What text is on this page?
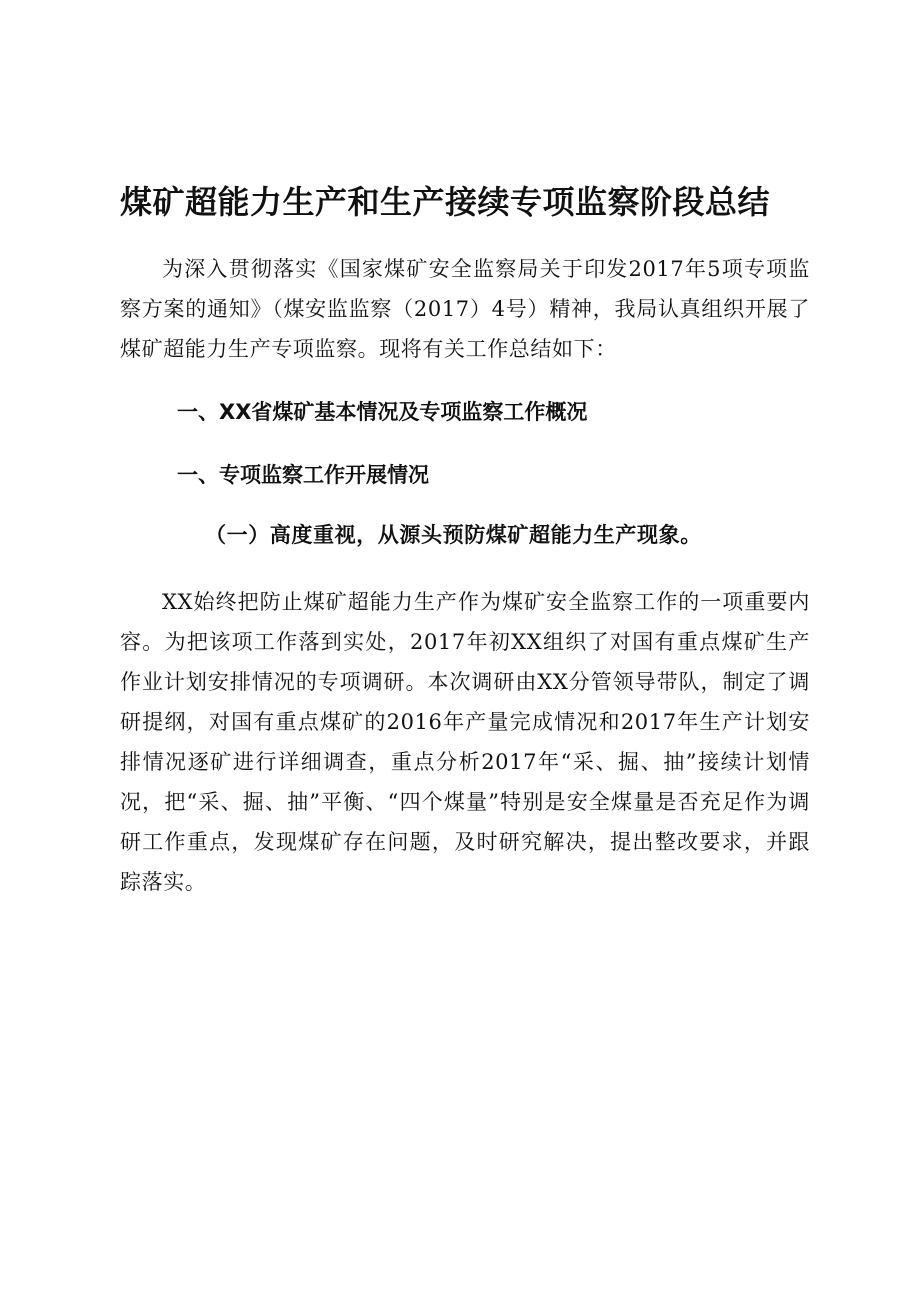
煤矿超能力生产和生产接续专项监察阶段总结

为深入贯彻落实《国家煤矿安全监察局关于印发2017年5项专项监察方案的通知》（煤安监监察（2017）4号）精神，我局认真组织开展了煤矿超能力生产专项监察。现将有关工作总结如下：

一、XX省煤矿基本情况及专项监察工作概况
一、专项监察工作开展情况
（一）高度重视，从源头预防煤矿超能力生产现象。

XX始终把防止煤矿超能力生产作为煤矿安全监察工作的一项重要内容。为把该项工作落到实处，2017年初XX组织了对国有重点煤矿生产作业计划安排情况的专项调研。本次调研由XX分管领导带队，制定了调研提纲，对国有重点煤矿的2016年产量完成情况和2017年生产计划安排情况逐矿进行详细调查，重点分析2017年“采、掘、抽”接续计划情况，把“采、掘、抽”平衡、“四个煤量”特别是安全煤量是否充足作为调研工作重点，发现煤矿存在问题，及时研究解决，提出整改要求，并跟踪落实。
